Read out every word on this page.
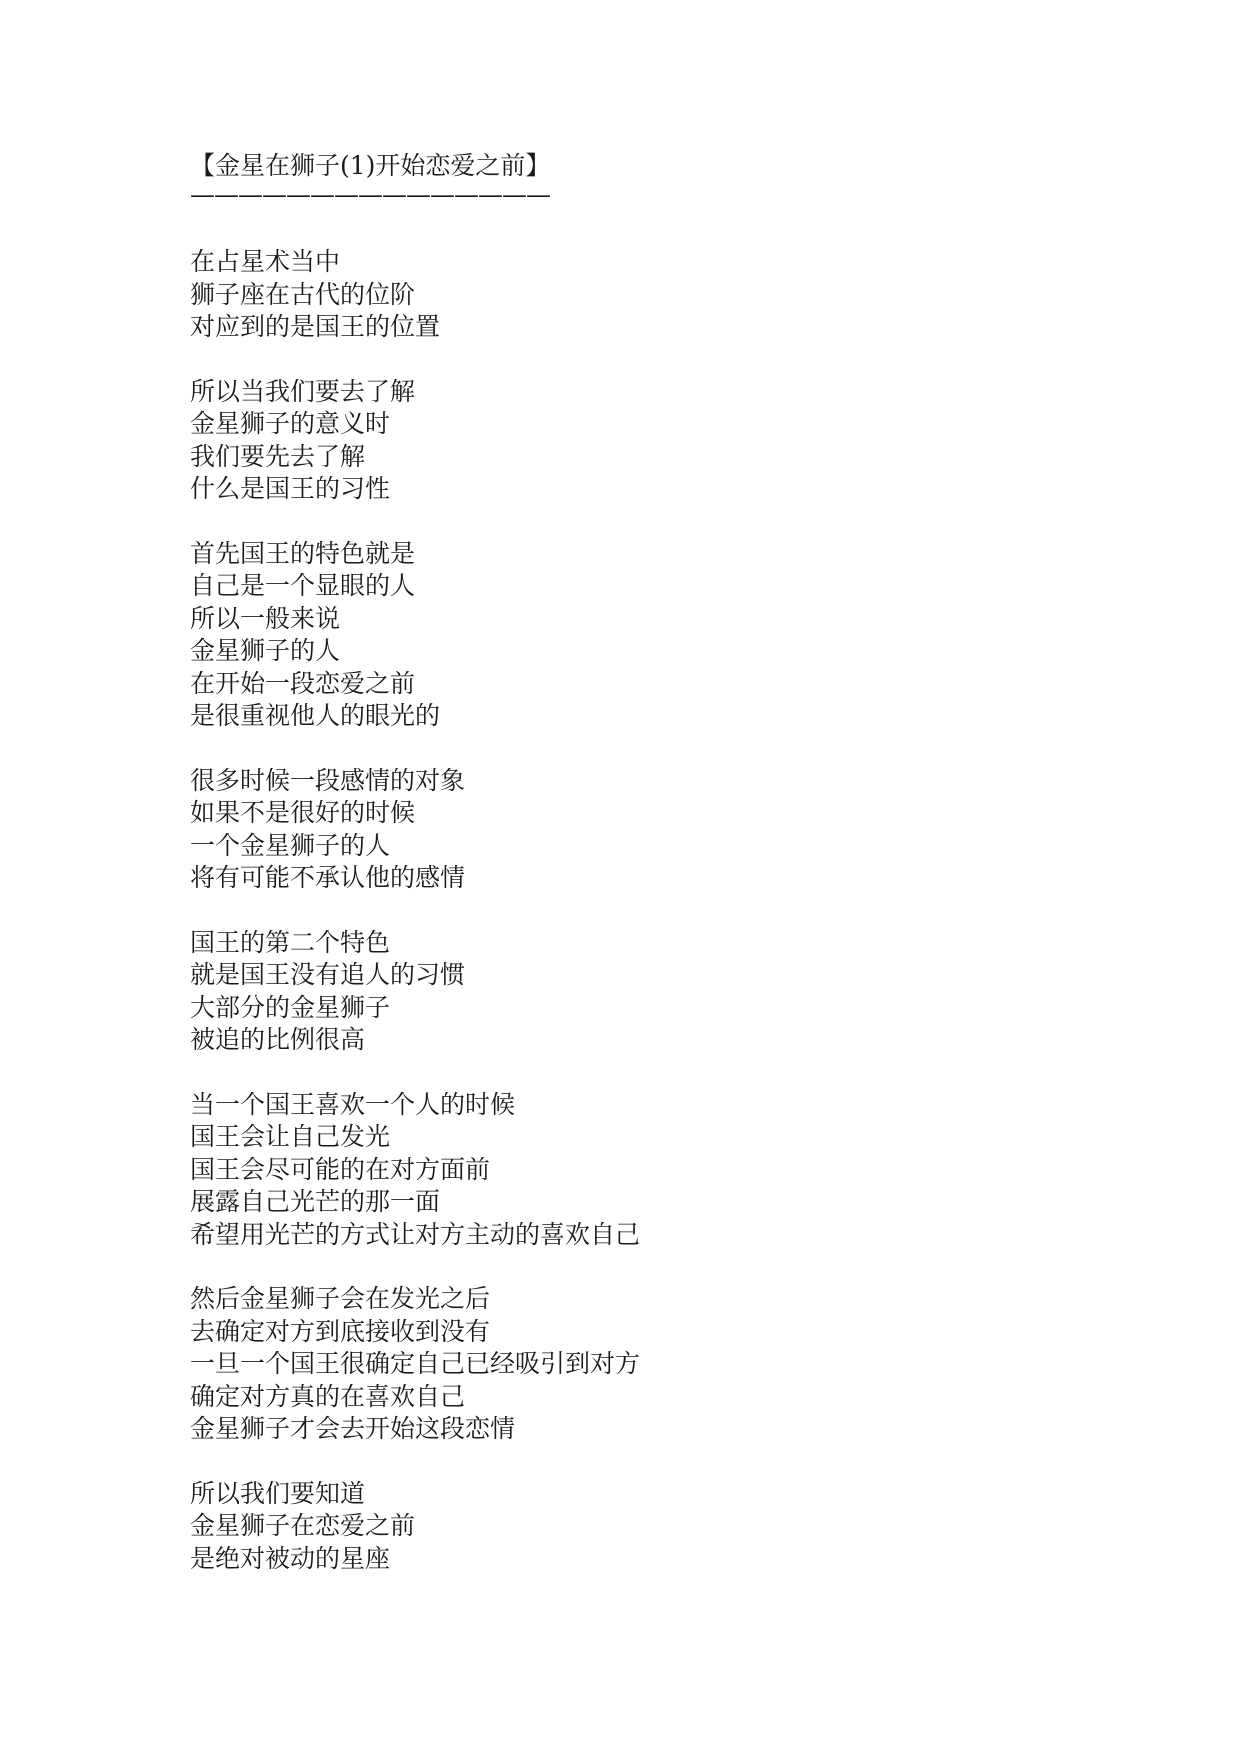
【金星在狮子(1)开始恋爱之前】
———————————————
在占星术当中
狮子座在古代的位阶
对应到的是国王的位置
所以当我们要去了解
金星狮子的意义时
我们要先去了解
什么是国王的习性
首先国王的特色就是
自己是一个显眼的人
所以一般来说
金星狮子的人
在开始一段恋爱之前
是很重视他人的眼光的
很多时候一段感情的对象
如果不是很好的时候
一个金星狮子的人
将有可能不承认他的感情
国王的第二个特色
就是国王没有追人的习惯
大部分的金星狮子
被追的比例很高
当一个国王喜欢一个人的时候
国王会让自己发光
国王会尽可能的在对方面前
展露自己光芒的那一面
希望用光芒的方式让对方主动的喜欢自己
然后金星狮子会在发光之后
去确定对方到底接收到没有
一旦一个国王很确定自己已经吸引到对方
确定对方真的在喜欢自己
金星狮子才会去开始这段恋情
所以我们要知道
金星狮子在恋爱之前
是绝对被动的星座
